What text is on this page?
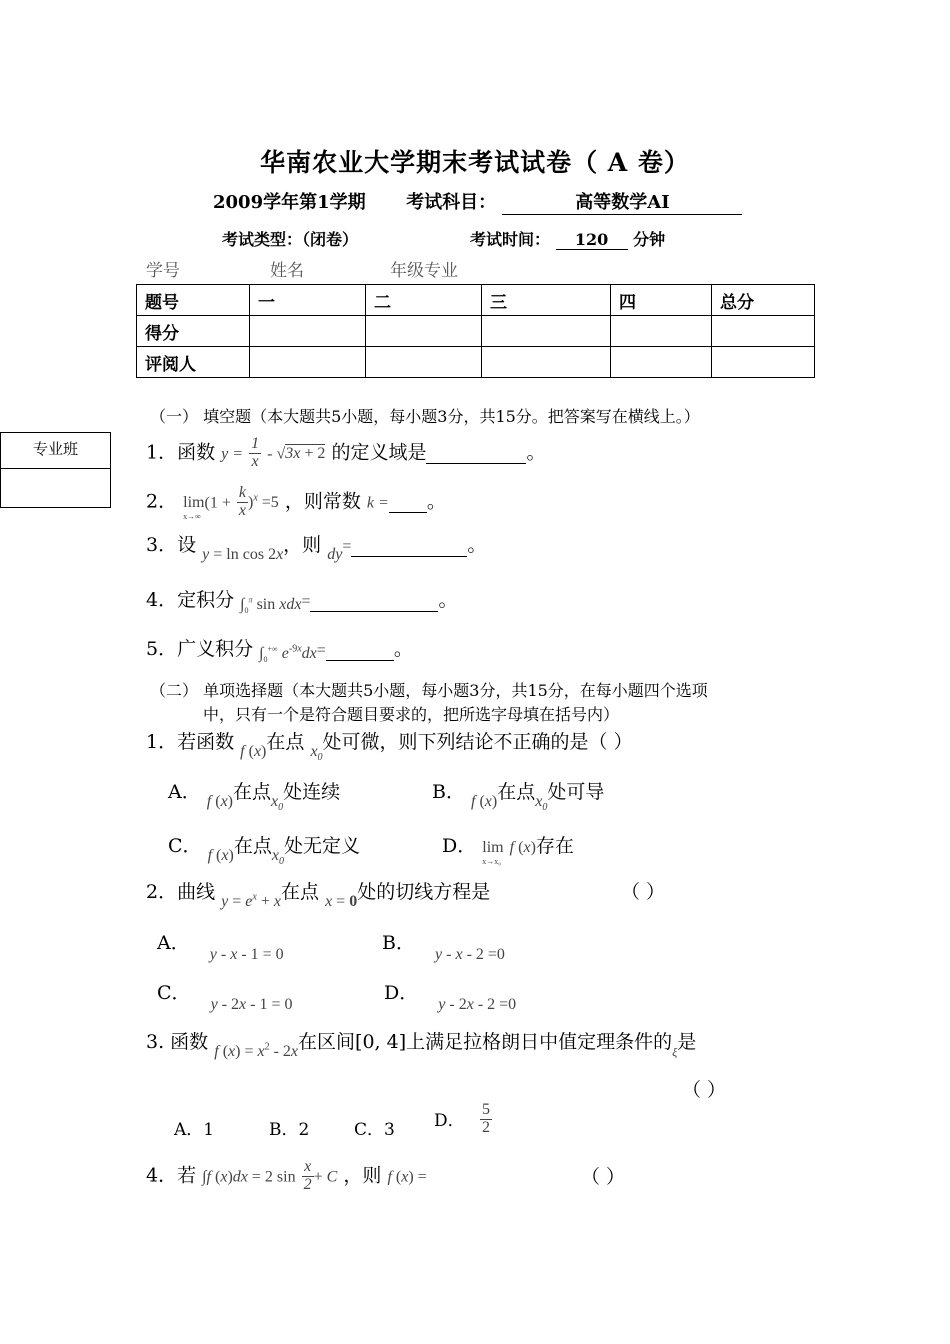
华南农业大学期末考试试卷（ A 卷）
2009学年第1学期 考试科目：	高等数学AⅠ
考试类型：（闭卷）	考试时间： 120 分钟
学号	姓名	年级专业
题号	一	二	三	四	总分
得分					
评阅人					
专业班
（一） 填空题（本大题共5小题，每小题3分，共15分。把答案写在横线上。）
1．函数 $y = \frac{1}{x} - √3x + 2$ 的定义域是	。
2． lim
x→∞
$(1 + \frac{k}{x} )^x =5$ ，则常数 k = 。
3．设 $_{y = ln cos 2x}$，则 $_{dy}$=	。
4．定积分 $\int_0^\pi$ sin xdx=	。
5．广义积分 $\int_0^{+\infty}$ $e^{-9x}dx=$	。
（二） 单项选择题（本大题共5小题，每小题3分，共15分，在每小题四个选项
中，只有一个是符合题目要求的，把所选字母填在括号内）
1．若函数 $_{f (x)}$在点 $_{x_0}$处可微，则下列结论不正确的是（ ）
A． $_{f (x)}$在点$_{x_0}$处连续	B． $_{f (x)}$在点$_{x_0}$处可导
C． $_{f (x)}$在点$_{x_0}$处无定义	D． lim
x→x₀
f (x)存在
2．曲线 $_{y = e^x + x}$在点 $_{x = 0}$处的切线方程是	（ ）
A． $_{y - x - 1 = 0}$
B． $_{y - x - 2 =0}$
C． $_{y - 2x - 1 = 0}$
D． $_{y - 2x - 2 =0}$
3. 函数 $_{f (x) = x^2 - 2x}$在区间[0, 4]上满足拉格朗日中值定理条件的$_\xi$是
（ ）
A．1	B．2	C．3 D． $\frac{5}{2}$
4．若 ∫f (x)dx = 2 $\sin \frac{x}{2} + C$ ，则 f (x) =	（ ）
